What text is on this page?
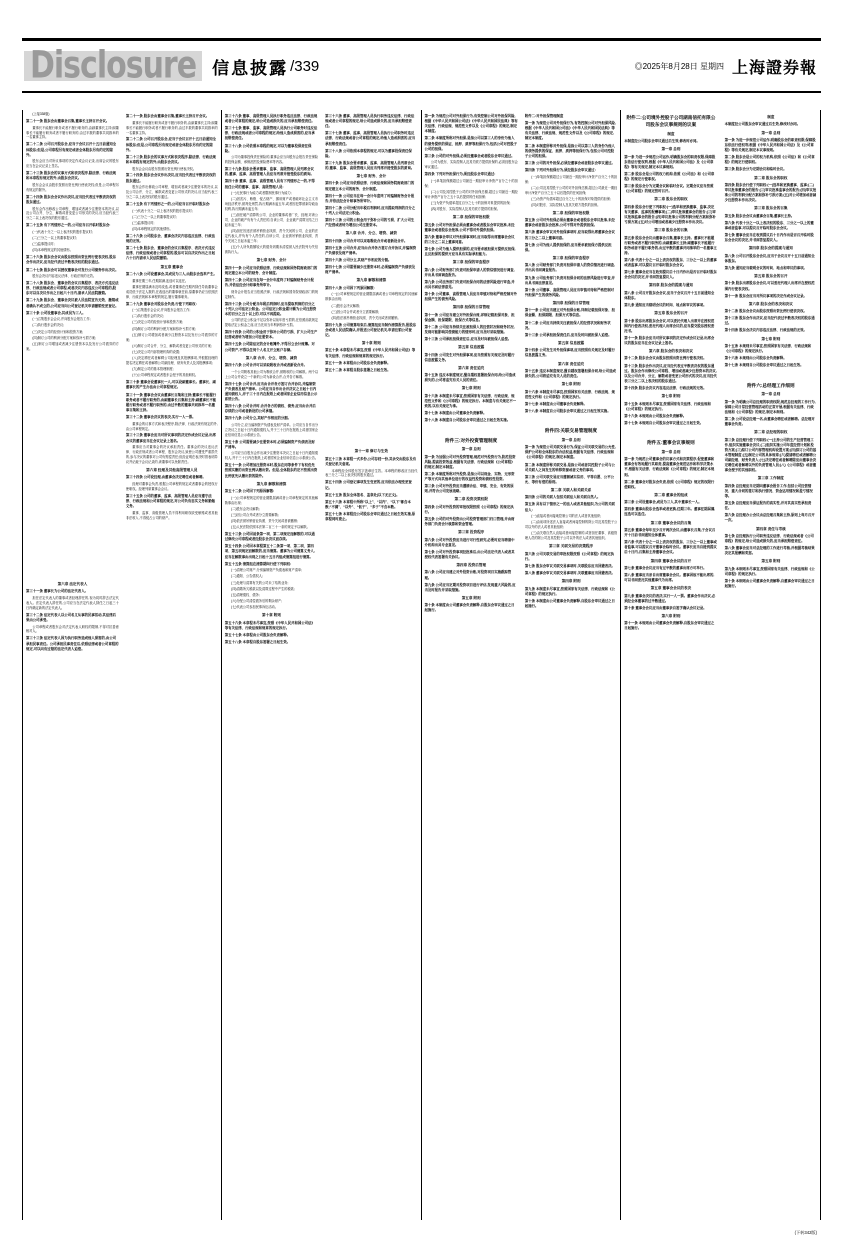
Disclosure 信息披露 /339	◎2025年8月28日 星期四 上海證券報
(上接338版)
第二十一条 股东会由董事会召集,董事长主持召开会议。
董事长不能履行职务或者不履行职务的,由副董事长主持;副董事长不能履行职务或者不履行职务的,由过半数的董事共同推举的一名董事主持。
第二十二条 公司召开股东会,应当于会议召开十五日前通知全体股东;但是,公司章程另有规定或者全体股东另有约定的除外。
股东会应当对所议事项的决定作成会议记录,出席会议的股东应当在会议记录上签名。
第二十三条 股东会的议事方式和表决程序,除法律、行政法规和本章程有规定的外,由股东会决议。
股东会会议由股东按照出资比例行使表决权;但是,公司章程另有规定的除外。
第二十四条 股东会会议作出决议,应当经代表过半数表决权的股东通过。
股东会作出修改公司章程、增加或者减少注册资本的决议,以及公司合并、分立、解散或者变更公司形式的决议,应当经代表三分之二以上表决权的股东通过。
第二十五条 有下列情形之一的,公司应当召开临时股东会:
(一)代表十分之一以上表决权的股东提议时;
(二)三分之一以上的董事提议时;
(三)监事提议时;
(四)本章程规定的其他情形。
第二十六条 股东会会议由股东按照出资比例行使表决权,股东会作出决议,应当经代表过半数表决权的股东通过。
第二十七条 股东会可以授权董事会对发行公司债券作出决议。
股东会决议内容违反法律、行政法规的无效。
第二十八条 股东会、董事会的会议召集程序、表决方式违反法律、行政法规或者公司章程,或者决议内容违反公司章程的,股东可以自决议作出之日起六十日内,请求人民法院撤销。
第二十九条 股东会、董事会决议被人民法院宣告无效、撤销或者确认不成立的,公司应当向公司登记机关申请撤销变更登记。
第三十条 公司设董事会,其成员为三人。
(一)召集股东会会议,并向股东会报告工作;
(二)执行股东会的决议;
(三)决定公司的经营计划和投资方案;
(四)制订公司的利润分配方案和弥补亏损方案;
(五)制订公司增加或者减少注册资本以及发行公司债券的方案。
第六章 法定代表人
第三十一条 董事长为公司的法定代表人。
担任法定代表人的董事或者经理辞任的,视为同时辞去法定代表人。法定代表人辞任的,公司应当在法定代表人辞任之日起三十日内确定新的法定代表人。
第三十二条 法定代表人以公司名义从事的民事活动,其法律后果由公司承受。
公司章程或者股东会对法定代表人职权的限制,不得对抗善意相对人。
第三十三条 法定代表人因为执行职务造成他人损害的,由公司承担民事责任。公司承担民事责任后,依照法律或者公司章程的规定,可以向有过错的法定代表人追偿。
第二十一条 股东会由董事会召集,董事长主持召开会议。
董事长不能履行职务或者不履行职务的,由副董事长主持;副董事长不能履行职务或者不履行职务的,由过半数的董事共同推举的一名董事主持。
第二十二条 公司召开股东会,应当于会议召开十五日前通知全体股东;但是,公司章程另有规定或者全体股东另有约定的除外。
第二十三条 股东会的议事方式和表决程序,除法律、行政法规和本章程有规定的外,由股东会决议。
股东会会议由股东按照出资比例行使表决权。
第二十四条 股东会会议作出决议,应当经代表过半数表决权的股东通过。
股东会作出修改公司章程、增加或者减少注册资本的决议,以及公司合并、分立、解散或者变更公司形式的决议,应当经代表三分之二以上表决权的股东通过。
第二十五条 有下列情形之一的,公司应当召开临时股东会:
(一)代表十分之一以上表决权的股东提议时;
(二)三分之一以上的董事提议时;
(三)监事提议时;
(四)本章程规定的其他情形。
第二十六条 公司股东会、董事会决议内容违反法律、行政法规的无效。
第二十七条 股东会、董事会的会议召集程序、表决方式违反法律、行政法规或者公司章程的,股东可以自决议作出之日起六十日内请求人民法院撤销。
第五章 董事会
第二十八条 公司设董事会,其成员为三人,由股东会选举产生。
董事任期三年,任期届满,连选可以连任。
董事任期届满未及时改选,或者董事在任期内辞任导致董事会成员低于法定人数的,在改选出的董事就任前,原董事仍应当依照法律、行政法规和本章程的规定,履行董事职务。
第二十九条 董事会对股东会负责,行使下列职权:
(一)召集股东会会议,并向股东会报告工作;
(二)执行股东会的决议;
(三)决定公司的经营计划和投资方案;
(四)制订公司的利润分配方案和弥补亏损方案;
(五)制订公司增加或者减少注册资本以及发行公司债券的方案;
(六)制订公司合并、分立、解散或者变更公司形式的方案;
(七)决定公司内部管理机构的设置;
(八)决定聘任或者解聘公司经理及其报酬事项,并根据经理的提名决定聘任或者解聘公司副经理、财务负责人及其报酬事项;
(九)制定公司的基本管理制度;
(十)公司章程规定或者股东会授予的其他职权。
第三十条 董事会设董事长一人,可以设副董事长。董事长、副董事长的产生办法由公司章程规定。
第三十一条 董事会会议由董事长召集和主持;董事长不能履行职务或者不履行职务的,由副董事长召集和主持;副董事长不能履行职务或者不履行职务的,由过半数的董事共同推举一名董事召集和主持。
第三十二条 董事会决议的表决,实行一人一票。
董事会的议事方式和表决程序,除法律、行政法规有规定的外,由公司章程规定。
第三十三条 董事会应当对所议事项的决定作成会议记录,出席会议的董事应当在会议记录上签名。
董事应当对董事会的决议承担责任。董事会的决议违反法律、行政法规或者公司章程、股东会决议,致使公司遭受严重损失的,参与决议的董事对公司负赔偿责任;但经证明在表决时曾表明异议并记载于会议记录的,该董事可以免除责任。
第六章 经理及其他高级管理人员
第三十四条 公司设经理,由董事会决定聘任或者解聘。
经理对董事会负责,根据公司章程的规定或者董事会的授权行使职权。经理列席董事会会议。
第三十五条 公司的董事、监事、高级管理人员应当遵守法律、行政法规和公司章程的规定,对公司负有忠实义务和勤勉义务。
董事、监事、高级管理人员不得利用职权收受贿赂或者其他非法收入,不得侵占公司的财产。
第三十六条 董事、高级管理人员执行职务违反法律、行政法规或者公司章程的规定,给公司造成损失的,应当承担赔偿责任。
第三十七条 董事、监事、高级管理人员执行公司职务时违反法律、行政法规或者公司章程的规定,给他人造成损害的,应当承担赔偿责任。
第三十八条 公司依照本章程的规定,可以为董事投保责任保险。
公司为董事投保责任保险的,董事会应当向股东会报告责任保险的投保金额、承保范围及保险费率等内容。
第三十九条 股东会要求董事、监事、高级管理人员列席会议的,董事、监事、高级管理人员应当列席并接受股东的质询。
第四十条 董事、监事、高级管理人员有下列情形之一的,不得担任公司的董事、监事、高级管理人员:
(一)无民事行为能力或者限制民事行为能力;
(二)因贪污、贿赂、侵占财产、挪用财产或者破坏社会主义市场经济秩序,被判处刑罚,执行期满未逾五年,或者因犯罪被剥夺政治权利,执行期满未逾五年;
(三)担任破产清算的公司、企业的董事或者厂长、经理,对该公司、企业的破产负有个人责任的,自该公司、企业破产清算完结之日起未逾三年;
(四)担任因违法被吊销营业执照、责令关闭的公司、企业的法定代表人,并负有个人责任的,自该公司、企业被吊销营业执照、责令关闭之日起未逾三年;
(五)个人所负数额较大的债务到期未清偿被人民法院列为失信被执行人。
第七章 财务、会计
第四十一条 公司应当依照法律、行政法规和国务院财政部门的规定建立本公司的财务、会计制度。
第四十二条 公司应当在每一会计年度终了时编制财务会计报告,并依法经会计师事务所审计。
财务会计报告应当依照法律、行政法规和国务院财政部门的规定制作。
第四十三条 公司分配当年税后利润时,应当提取利润的百分之十列入公司法定公积金。公司法定公积金累计额为公司注册资本的百分之五十以上的,可以不再提取。
公司的法定公积金不足以弥补以前年度亏损的,在依照前款规定提取法定公积金之前,应当先用当年利润弥补亏损。
第四十四条 公司的公积金用于弥补公司的亏损、扩大公司生产经营或者转为增加公司注册资本。
第四十五条 公司除法定的会计账簿外,不得另立会计账簿。对公司资产,不得以任何个人名义开立账户存储。
第八章 合并、分立、增资、减资
第四十六条 公司合并可以采取吸收合并或者新设合并。
一个公司吸收其他公司为吸收合并,被吸收的公司解散。两个以上公司合并设立一个新的公司为新设合并,合并各方解散。
第四十七条 公司合并,应当由合并各方签订合并协议,并编制资产负债表及财产清单。公司应当自作出合并决议之日起十日内通知债权人,并于三十日内在报纸上或者国家企业信用信息公示系统公告。
第四十八条 公司合并时,合并各方的债权、债务,应当由合并后存续的公司或者新设的公司承继。
第四十九条 公司分立,其财产作相应的分割。
公司分立,应当编制资产负债表及财产清单。公司应当自作出分立决议之日起十日内通知债权人,并于三十日内在报纸上或者国家企业信用信息公示系统公告。
第五十条 公司需要减少注册资本时,必须编制资产负债表及财产清单。
公司应当自股东会作出减少注册资本决议之日起十日内通知债权人,并于三十日内在报纸上或者国家企业信用信息公示系统公告。
第五十一条 公司增加注册资本时,股东在同等条件下有权优先按照实缴的出资比例认缴出资。但是,全体股东约定不按照出资比例优先认缴出资的除外。
第九章 解散和清算
第五十二条 公司因下列原因解散:
(一)公司章程规定的营业期限届满或者公司章程规定的其他解散事由出现;
(二)股东会决议解散;
(三)因公司合并或者分立需要解散;
(四)依法被吊销营业执照、责令关闭或者被撤销;
(五)人民法院依照本法第二百三十一条的规定予以解散。
第五十三条 公司因前条第一项、第二项规定而解散的,可以通过修改公司章程或者经股东会决议而存续。
第五十四条 公司因本章程第五十二条第一项、第二项、第四项、第五项规定而解散的,应当清算。董事为公司清算义务人,应当在解散事由出现之日起十五日内组成清算组进行清算。
第五十五条 清算组在清算期间行使下列职权:
(一)清理公司财产,分别编制资产负债表和财产清单;
(二)通知、公告债权人;
(三)处理与清算有关的公司未了结的业务;
(四)清缴所欠税款以及清算过程中产生的税款;
(五)清理债权、债务;
(六)分配公司清偿债务后的剩余财产;
(七)代表公司参加民事诉讼活动。
第十章 附则
第五十六条 本章程未尽事宜,按照《中华人民共和国公司法》等有关法律、行政法规和规章的规定执行。
第五十七条 本章程由公司股东会负责解释。
第五十八条 本章程自股东签署之日起生效。
第三十六条 董事、高级管理人员执行职务违反法律、行政法规或者公司章程的规定,给公司造成损失的,应当承担赔偿责任。
第三十七条 董事、监事、高级管理人员执行公司职务时违反法律、行政法规或者公司章程的规定,给他人造成损害的,应当承担赔偿责任。
第三十八条 公司依照本章程的规定,可以为董事投保责任保险。
第三十九条 股东会要求董事、监事、高级管理人员列席会议的,董事、监事、高级管理人员应当列席并接受股东的质询。
第七章 财务、会计
第四十条 公司应当依照法律、行政法规和国务院财政部门的规定建立本公司的财务、会计制度。
第四十一条 公司应当在每一会计年度终了时编制财务会计报告,并依法经会计师事务所审计。
第四十二条 公司分配当年税后利润时,应当提取利润的百分之十列入公司法定公积金。
第四十三条 公司的公积金用于弥补公司的亏损、扩大公司生产经营或者转为增加公司注册资本。
第八章 合并、分立、增资、减资
第四十四条 公司合并可以采取吸收合并或者新设合并。
第四十五条 公司合并,应当由合并各方签订合并协议,并编制资产负债表及财产清单。
第四十六条 公司分立,其财产作相应的分割。
第四十七条 公司需要减少注册资本时,必须编制资产负债表及财产清单。
第九章 解散和清算
第四十八条 公司因下列原因解散:
(一)公司章程规定的营业期限届满或者公司章程规定的其他解散事由出现;
(二)股东会决议解散;
(三)因公司合并或者分立需要解散;
(四)依法被吊销营业执照、责令关闭或者被撤销。
第四十九条 公司清算结束后,清算组应当制作清算报告,报股东会或者人民法院确认,并报送公司登记机关,申请注销公司登记。
第十章 附则
第五十条 本章程未尽事宜,按照《中华人民共和国公司法》等有关法律、行政法规和规章的规定执行。
第五十一条 本章程由公司股东会负责解释。
第五十二条 本章程自股东签署之日起生效。
第十一章 修订与生效
第五十三条 本章程一式多份,公司存档一份,其余交由股东及有关登记机关备案。
本章程经全体股东签字盖章后生效。本章程的修改应当经代表三分之二以上表决权的股东通过。
第五十四条 公司登记事项发生变更的,应当依法办理变更登记。
第五十五条 股东全体签名、盖章处(以下无正文)。
第五十六条 本章程中所称“以上”、“以内”、“以下”都含本数;“不满”、“以外”、“低于”、“多于”不含本数。
第五十七条 本章程经公司股东会审议通过之日起生效实施,原章程同时废止。
第一条 为规范公司对外担保行为,有效控制公司对外担保风险,根据《中华人民共和国公司法》《中华人民共和国民法典》等有关法律、行政法规、规范性文件以及《公司章程》的规定,制定本制度。
第二条 本制度所称对外担保,是指公司以第三人的身份为他人的债务提供的保证、抵押、质押等担保行为,包括公司对控股子公司的担保。
第三条 公司的对外担保,必须经董事会或者股东会审议通过。
公司为股东、实际控制人及其关联方提供担保的,必须经股东会审议通过。
第四条 下列对外担保行为,须经股东会审议通过:
(一)单笔担保额超过公司最近一期经审计净资产百分之十的担保;
(二)公司及其控股子公司的对外担保总额,超过公司最近一期经审计净资产百分之五十以后提供的任何担保;
(三)为资产负债率超过百分之七十的担保对象提供的担保;
(四)对股东、实际控制人及其关联方提供的担保。
第二章 担保的审批权限
第五条 公司对外担保必须由董事会或者股东会审议批准,未经董事会或者股东会批准,公司不得对外提供担保。
第六条 董事会审议对外担保事项时,应当取得出席董事会会议的三分之二以上董事同意。
第七条 公司为他人提供担保的,应当要求被担保方提供反担保,且反担保的提供方应当具有实际承担能力。
第三章 担保的审查程序
第八条 公司财务部门负责对担保申请人的资信情况进行调查,并出具书面调查报告。
第九条 公司法务部门负责对担保合同的法律风险进行审查,并出具书面法律意见。
第十条 公司董事、高级管理人员应当审慎对待和严格控制对外担保产生的债务风险。
第四章 担保的日常管理
第十一条 公司应当建立对外担保台账,详细记载担保对象、担保金额、担保期限、担保方式等信息。
第十二条 公司应当持续关注被担保人的经营状况和财务状况,发现可能影响其偿债能力的情形时,应当及时采取措施。
第十三条 公司承担担保责任后,应当及时向被担保人追偿。
第五章 信息披露
第十四条 公司发生对外担保事项,应当按照有关规定及时履行信息披露义务。
第六章 责任追究
第十五条 违反本制度规定,擅自越权签署担保合同,给公司造成损失的,公司将追究有关人员的责任。
第七章 附则
第十六条 本制度未尽事宜,按照国家有关法律、行政法规、规范性文件和《公司章程》的规定执行。本制度与有关规定不一致的,以有关规定为准。
第十七条 本制度由公司董事会负责解释。
第十八条 本制度自公司股东会审议通过之日起生效实施。
附件三:对外投资管理制度
第一章 总则
第一条 为加强公司对外投资管理,规范对外投资行为,防范投资风险,提高投资效益,根据有关法律、行政法规和《公司章程》的规定,制定本制度。
第二条 本制度所称对外投资,是指公司以现金、实物、无形资产等方式向其他单位进行的权益性投资和债权性投资。
第三条 公司对外投资应当遵循合法、审慎、安全、有效的原则,并符合公司发展战略。
第二章 投资决策权限
第四条 公司对外投资的审批权限按照《公司章程》的规定执行。
第五条 公司的对外投资由公司投资管理部门归口管理,并由财务部门负责会计核算和资金管理。
第三章 投资程序
第六条 公司对外投资应当进行可行性研究,必要时应当聘请中介机构出具专业意见。
第七条 公司对外投资事项经批准后,由公司法定代表人或者其授权代表签署有关协议。
第四章 投资后管理
第八条 公司应当建立对外投资台账,对投资项目实施跟踪管理。
第九条 公司应当定期对投资项目进行评估,发现重大风险的,应当及时报告并采取措施。
第五章 附则
第十条 本制度由公司董事会负责解释,自股东会审议通过之日起施行。
附件二:对外担保管理制度
第一条 为规范公司对外担保行为,有效控制公司对外担保风险,根据《中华人民共和国公司法》《中华人民共和国民法典》等有关法律、行政法规、规范性文件以及《公司章程》的规定,制定本制度。
第二条 本制度所称对外担保,是指公司以第三人的身份为他人的债务提供的保证、抵押、质押等担保行为,包括公司对控股子公司的担保。
第三条 公司的对外担保,必须经董事会或者股东会审议通过。
第四条 下列对外担保行为,须经股东会审议通过:
(一)单笔担保额超过公司最近一期经审计净资产百分之十的担保;
(二)公司及其控股子公司的对外担保总额,超过公司最近一期经审计净资产百分之五十以后提供的任何担保;
(三)为资产负债率超过百分之七十的担保对象提供的担保;
(四)对股东、实际控制人及其关联方提供的担保。
第二章 担保的审批权限
第五条 公司对外担保必须由董事会或者股东会审议批准,未经董事会或者股东会批准,公司不得对外提供担保。
第六条 董事会审议对外担保事项时,应当取得出席董事会会议的三分之二以上董事同意。
第七条 公司为他人提供担保的,应当要求被担保方提供反担保。
第三章 担保的审查程序
第八条 公司财务部门负责对担保申请人的资信情况进行调查,并出具书面调查报告。
第九条 公司法务部门负责对担保合同的法律风险进行审查,并出具书面法律意见。
第十条 公司董事、高级管理人员应当审慎对待和严格控制对外担保产生的债务风险。
第四章 担保的日常管理
第十一条 公司应当建立对外担保台账,详细记载担保对象、担保金额、担保期限、担保方式等信息。
第十二条 公司应当持续关注被担保人的经营状况和财务状况。
第十三条 公司承担担保责任后,应当及时向被担保人追偿。
第五章 信息披露
第十四条 公司发生对外担保事项,应当按照有关规定及时履行信息披露义务。
第六章 责任追究
第十五条 违反本制度规定,擅自越权签署担保合同,给公司造成损失的,公司将追究有关人员的责任。
第七章 附则
第十六条 本制度未尽事宜,按照国家有关法律、行政法规、规范性文件和《公司章程》的规定执行。
第十七条 本制度由公司董事会负责解释。
第十八条 本制度自公司股东会审议通过之日起生效实施。
附件四:关联交易管理制度
第一章 总则
第一条 为规范公司关联交易行为,保证公司关联交易的公允性,保护公司和全体股东的合法权益,根据有关法律、行政法规和《公司章程》的规定,制定本制度。
第二条 本制度所称关联交易,是指公司或者其控股子公司与公司关联人之间发生的转移资源或者义务的事项。
第三条 公司关联交易应当遵循诚实信用、平等自愿、公平公允、等价有偿的原则。
第二章 关联人和关联关系
第四条 公司的关联人包括关联法人和关联自然人。
第五条 具有以下情形之一的法人或者其他组织,为公司的关联法人:
(一)直接或者间接地控制公司的法人或者其他组织;
(二)由前项所述法人直接或者间接控制的除公司及其控股子公司以外的法人或者其他组织;
(三)由关联自然人直接或者间接控制的,或者担任董事、高级管理人员的除公司及其控股子公司以外的法人或者其他组织。
第三章 关联交易的决策程序
第六条 公司关联交易的审批权限按照《公司章程》的规定执行。
第七条 股东会审议关联交易事项时,关联股东应当回避表决。
第八条 董事会审议关联交易事项时,关联董事应当回避表决。
第四章 附则
第九条 本制度未尽事宜,按照国家有关法律、行政法规和《公司章程》的规定执行。
第十条 本制度由公司董事会负责解释,自股东会审议通过之日起施行。
附件二:公司境外控股子公司湖南信托有限公司股东会议事规则的议案
制度
本制度经公司股东会审议通过后生效,修改时亦同。
第一章 总则
第一条 为进一步规范公司运作,明确股东会的职责权限,保障股东依法行使权利,根据《中华人民共和国公司法》及《公司章程》等有关规定,制定本议事规则。
第二条 股东会是公司的权力机构,依照《公司法》和《公司章程》的规定行使职权。
第三条 股东会分为定期会议和临时会议。定期会议应当按照《公司章程》的规定按时召开。
第二章 股东会的职权
第四条 股东会行使下列职权:(一)选举和更换董事、监事,决定有关董事、监事的报酬事项;(二)审议批准董事会的报告;(三)审议批准监事会的报告;(四)审议批准公司的利润分配方案和弥补亏损方案;(五)对公司增加或者减少注册资本作出决议。
第三章 股东会的召集
第五条 股东会会议由董事会召集,董事长主持。董事长不能履行职务或者不履行职务的,由副董事长主持;副董事长不能履行职务或者不履行职务的,由过半数的董事共同推举的一名董事主持。
第六条 代表十分之一以上表决权的股东、三分之一以上的董事或者监事,可以提议召开临时股东会会议。
第七条 董事会应当在收到提议后十日内作出是否召开临时股东会会议的决定,并书面答复提议人。
第四章 股东会的提案与通知
第八条 公司召开股东会会议,应当于会议召开十五日前通知全体股东。
第九条 通知应当载明会议的时间、地点和审议的事项。
第五章 股东会的召开
第十条 股东出席股东会会议,可以委托代理人出席并在授权范围内行使表决权,委托代理人出席会议的,应当提交股东授权委托书。
第十一条 股东会应当对所议事项的决定作成会议记录,出席会议的股东应当在会议记录上签名。
第六章 股东会的表决和决议
第十二条 股东会会议由股东按照出资比例行使表决权。
第十三条 股东会作出决议,应当经代表过半数表决权的股东通过。股东会作出修改公司章程、增加或者减少注册资本的决议,以及公司合并、分立、解散或者变更公司形式的决议,应当经代表三分之二以上表决权的股东通过。
第十四条 股东会决议内容违反法律、行政法规的无效。
第七章 附则
第十五条 本规则未尽事宜,按照国家有关法律、行政法规和《公司章程》的规定执行。
第十六条 本规则由公司股东会负责解释。
第十七条 本规则自公司股东会审议通过之日起生效。
附件五:董事会议事规则
第一章 总则
第一条 为规范公司董事会的议事方式和决策程序,促使董事和董事会有效地履行其职责,提高董事会规范运作和科学决策水平,根据有关法律、行政法规和《公司章程》的规定,制定本规则。
第二条 董事会对股东会负责,依照《公司章程》规定的权限行使职权。
第二章 董事会的组成
第三条 公司设董事会,成员为三人,其中董事长一人。
第四条 董事由股东会选举或者更换,任期三年。董事任期届满,连选可以连任。
第三章 董事会会议的召集
第五条 董事会每年至少召开两次会议,由董事长召集,于会议召开十日前书面通知全体董事。
第六条 代表十分之一以上表决权的股东、三分之一以上董事或者监事,可以提议召开董事会临时会议。董事长应当自接到提议后十日内,召集和主持董事会会议。
第四章 董事会会议的召开
第七条 董事会会议应当有过半数的董事出席方可举行。
第八条 董事应当亲自出席董事会会议。董事因故不能出席的,可以书面委托其他董事代为出席。
第五章 董事会会议的表决
第九条 董事会决议的表决,实行一人一票。董事会作出决议,必须经全体董事的过半数通过。
第十条 董事会会议应当由董事亲自签字确认会议记录。
第六章 附则
第十一条 本规则由公司董事会负责解释,自股东会审议通过之日起施行。
制度
本制度经公司股东会审议通过后生效,修改时亦同。
第一章 总则
第一条 为进一步规范公司运作,明确股东会的职责权限,保障股东依法行使权利,根据《中华人民共和国公司法》及《公司章程》等有关规定,制定本议事规则。
第二条 股东会是公司的权力机构,依照《公司法》和《公司章程》的规定行使职权。
第三条 股东会分为定期会议和临时会议。
第二章 股东会的职权
第四条 股东会行使下列职权:(一)选举和更换董事、监事;(二)审议批准董事会的报告;(三)审议批准监事会的报告;(四)审议批准公司的利润分配方案和弥补亏损方案;(五)对公司增加或者减少注册资本作出决议。
第三章 股东会的召集
第五条 股东会会议由董事会召集,董事长主持。
第六条 代表十分之一以上表决权的股东、三分之一以上的董事或者监事,可以提议召开临时股东会会议。
第七条 董事会应当在收到提议后十日内作出是否召开临时股东会会议的决定,并书面答复提议人。
第四章 股东会的提案与通知
第八条 公司召开股东会会议,应当于会议召开十五日前通知全体股东。
第九条 通知应当载明会议的时间、地点和审议的事项。
第五章 股东会的召开
第十条 股东出席股东会会议,可以委托代理人出席并在授权范围内行使表决权。
第十一条 股东会应当对所议事项的决定作成会议记录。
第六章 股东会的表决和决议
第十二条 股东会会议由股东按照出资比例行使表决权。
第十三条 股东会作出决议,应当经代表过半数表决权的股东通过。
第十四条 股东会决议内容违反法律、行政法规的无效。
第七章 附则
第十五条 本规则未尽事宜,按照国家有关法律、行政法规和《公司章程》的规定执行。
第十六条 本规则由公司股东会负责解释。
第十七条 本规则自公司股东会审议通过之日起生效。
附件六:总经理工作细则
第一章 总则
第一条 为明确公司总经理的职责权限,规范总经理的工作行为,保障公司日常经营管理活动的正常开展,根据有关法律、行政法规和《公司章程》的规定,制定本细则。
第二条 公司设总经理一名,由董事会聘任或者解聘。总经理对董事会负责。
第二章 总经理的职权
第三条 总经理行使下列职权:(一)主持公司的生产经营管理工作,组织实施董事会决议;(二)组织实施公司年度经营计划和投资方案;(三)拟订公司内部管理机构设置方案;(四)拟订公司的基本管理制度;(五)制定公司的具体规章;(六)提请聘任或者解聘公司副经理、财务负责人;(七)决定聘任或者解聘除应由董事会决定聘任或者解聘以外的负责管理人员;(八)《公司章程》或者董事会授予的其他职权。
第三章 工作制度
第四条 总经理应当定期向董事会报告工作,包括公司经营情况、重大合同的签订和执行情况、资金运用情况和盈亏情况等。
第五条 总经理应当保证报告的真实性,并对其真实性承担责任。
第六条 总经理办公会议由总经理召集和主持,原则上每月召开一次。
第四章 责任与考核
第七条 总经理执行公司职务违反法律、行政法规或者《公司章程》的规定,给公司造成损失的,应当承担赔偿责任。
第八条 董事会应当对总经理的工作进行考核,并根据考核结果决定其报酬和奖惩。
第五章 附则
第九条 本细则未尽事宜,按照国家有关法律、行政法规和《公司章程》的规定执行。
第十条 本细则由公司董事会负责解释,自董事会审议通过之日起施行。
(下转342版)
